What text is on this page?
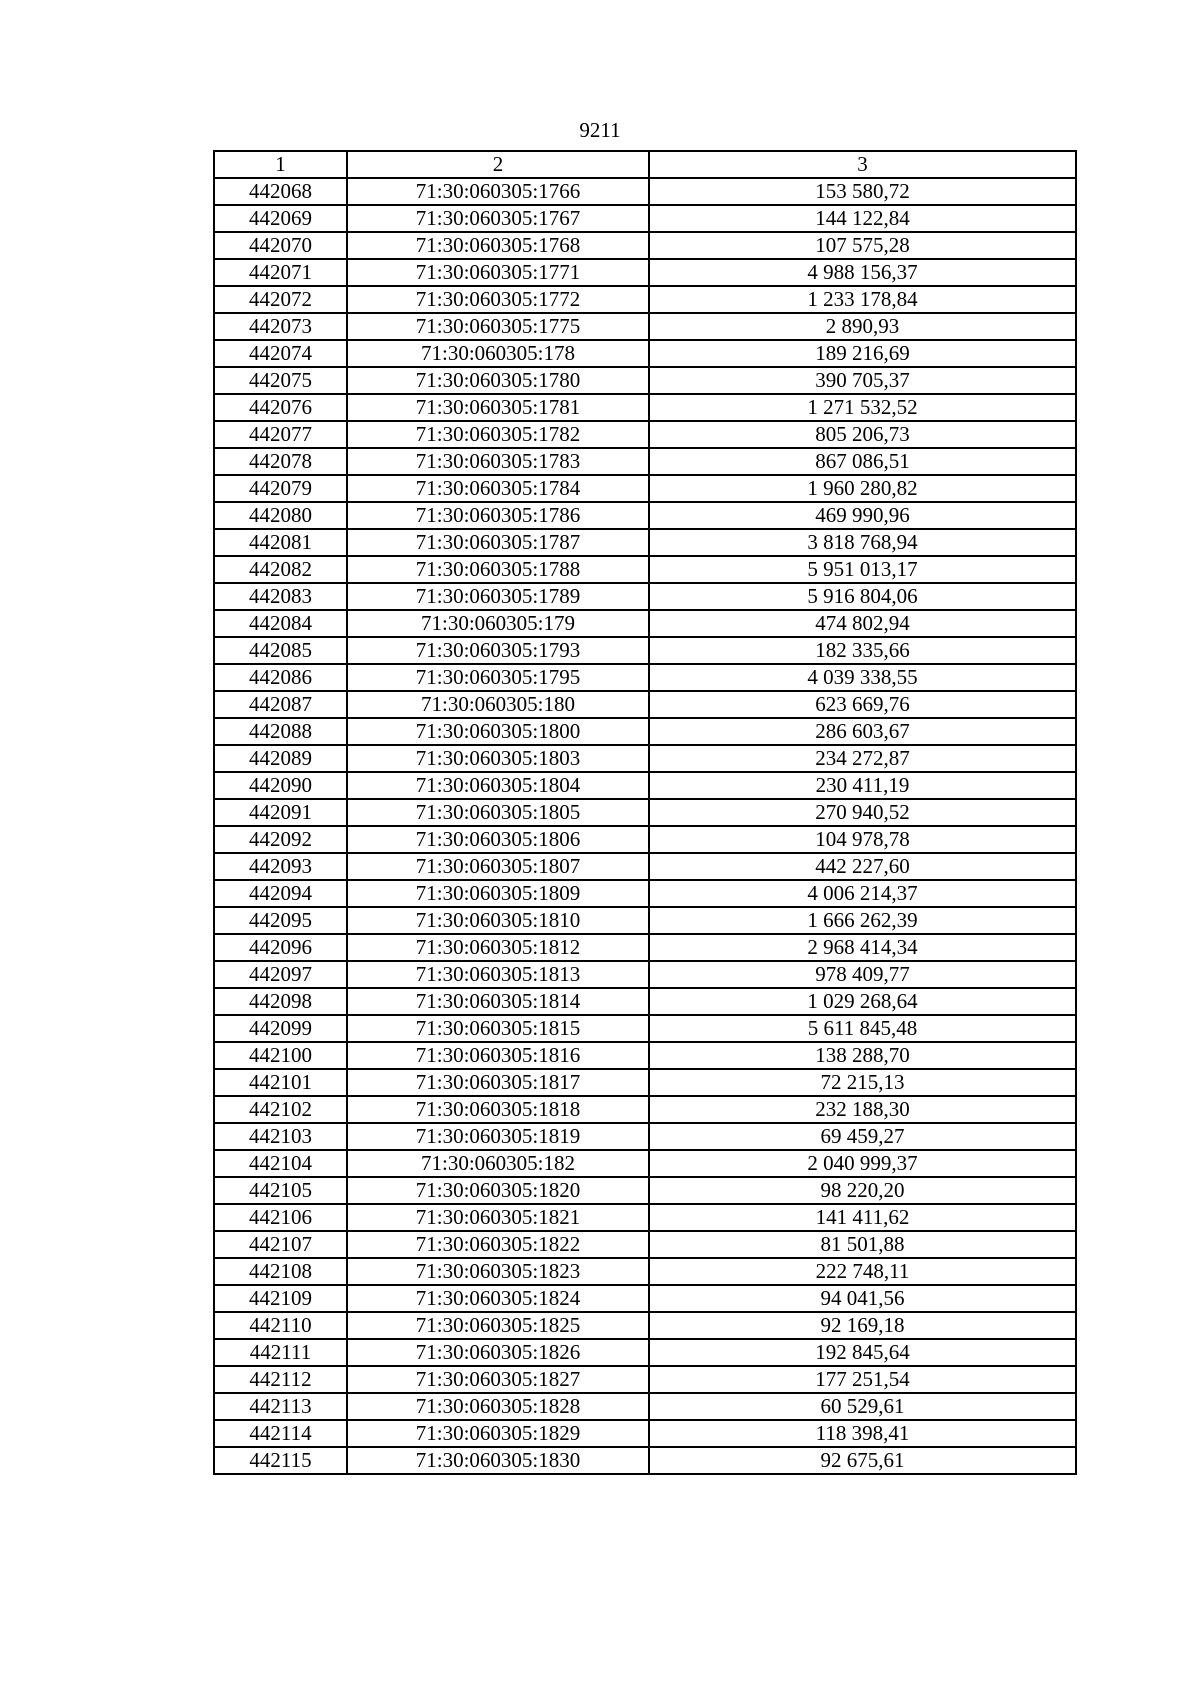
9211
1	2	3
442068	71:30:060305:1766	153 580,72
442069	71:30:060305:1767	144 122,84
442070	71:30:060305:1768	107 575,28
442071	71:30:060305:1771	4 988 156,37
442072	71:30:060305:1772	1 233 178,84
442073	71:30:060305:1775	2 890,93
442074	71:30:060305:178	189 216,69
442075	71:30:060305:1780	390 705,37
442076	71:30:060305:1781	1 271 532,52
442077	71:30:060305:1782	805 206,73
442078	71:30:060305:1783	867 086,51
442079	71:30:060305:1784	1 960 280,82
442080	71:30:060305:1786	469 990,96
442081	71:30:060305:1787	3 818 768,94
442082	71:30:060305:1788	5 951 013,17
442083	71:30:060305:1789	5 916 804,06
442084	71:30:060305:179	474 802,94
442085	71:30:060305:1793	182 335,66
442086	71:30:060305:1795	4 039 338,55
442087	71:30:060305:180	623 669,76
442088	71:30:060305:1800	286 603,67
442089	71:30:060305:1803	234 272,87
442090	71:30:060305:1804	230 411,19
442091	71:30:060305:1805	270 940,52
442092	71:30:060305:1806	104 978,78
442093	71:30:060305:1807	442 227,60
442094	71:30:060305:1809	4 006 214,37
442095	71:30:060305:1810	1 666 262,39
442096	71:30:060305:1812	2 968 414,34
442097	71:30:060305:1813	978 409,77
442098	71:30:060305:1814	1 029 268,64
442099	71:30:060305:1815	5 611 845,48
442100	71:30:060305:1816	138 288,70
442101	71:30:060305:1817	72 215,13
442102	71:30:060305:1818	232 188,30
442103	71:30:060305:1819	69 459,27
442104	71:30:060305:182	2 040 999,37
442105	71:30:060305:1820	98 220,20
442106	71:30:060305:1821	141 411,62
442107	71:30:060305:1822	81 501,88
442108	71:30:060305:1823	222 748,11
442109	71:30:060305:1824	94 041,56
442110	71:30:060305:1825	92 169,18
442111	71:30:060305:1826	192 845,64
442112	71:30:060305:1827	177 251,54
442113	71:30:060305:1828	60 529,61
442114	71:30:060305:1829	118 398,41
442115	71:30:060305:1830	92 675,61
